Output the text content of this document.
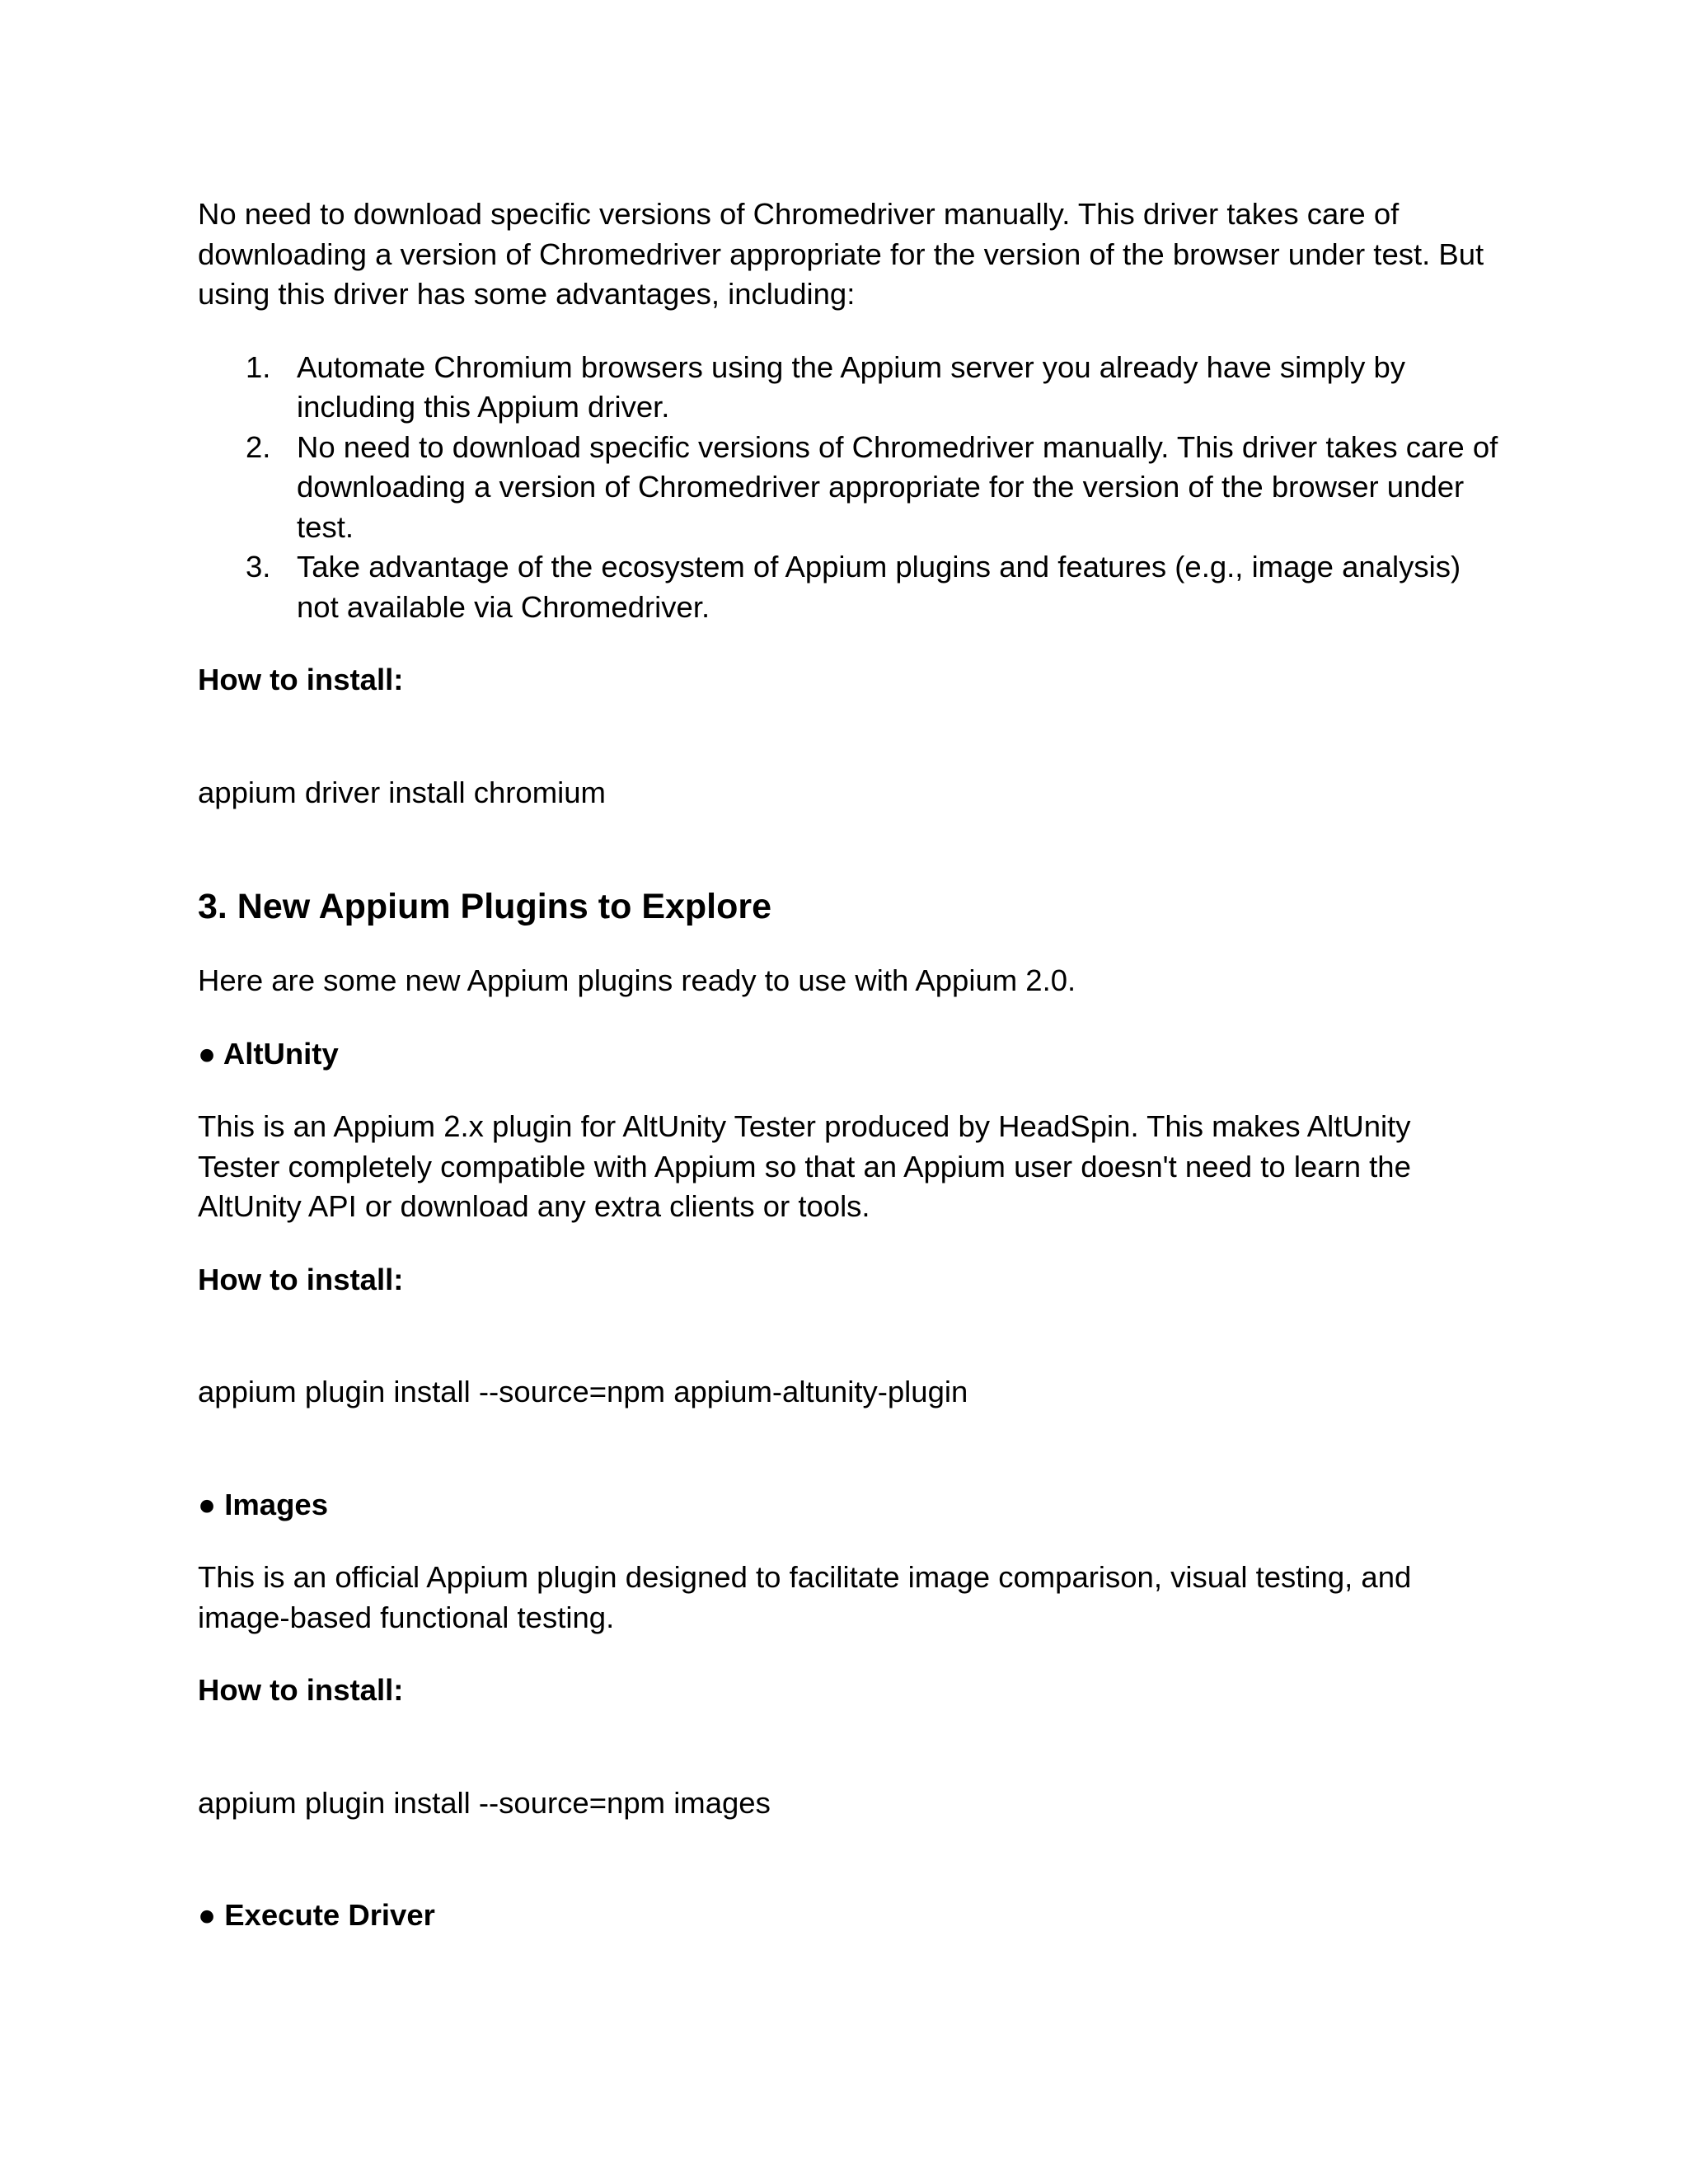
No need to download specific versions of Chromedriver manually. This driver takes care of downloading a version of Chromedriver appropriate for the version of the browser under test. But using this driver has some advantages, including:

1. Automate Chromium browsers using the Appium server you already have simply by including this Appium driver.
2. No need to download specific versions of Chromedriver manually. This driver takes care of downloading a version of Chromedriver appropriate for the version of the browser under test.
3. Take advantage of the ecosystem of Appium plugins and features (e.g., image analysis) not available via Chromedriver.

How to install:

appium driver install chromium

3. New Appium Plugins to Explore

Here are some new Appium plugins ready to use with Appium 2.0.

● AltUnity

This is an Appium 2.x plugin for AltUnity Tester produced by HeadSpin. This makes AltUnity Tester completely compatible with Appium so that an Appium user doesn't need to learn the AltUnity API or download any extra clients or tools.

How to install:

appium plugin install --source=npm appium-altunity-plugin

● Images

This is an official Appium plugin designed to facilitate image comparison, visual testing, and image-based functional testing.

How to install:

appium plugin install --source=npm images

● Execute Driver
